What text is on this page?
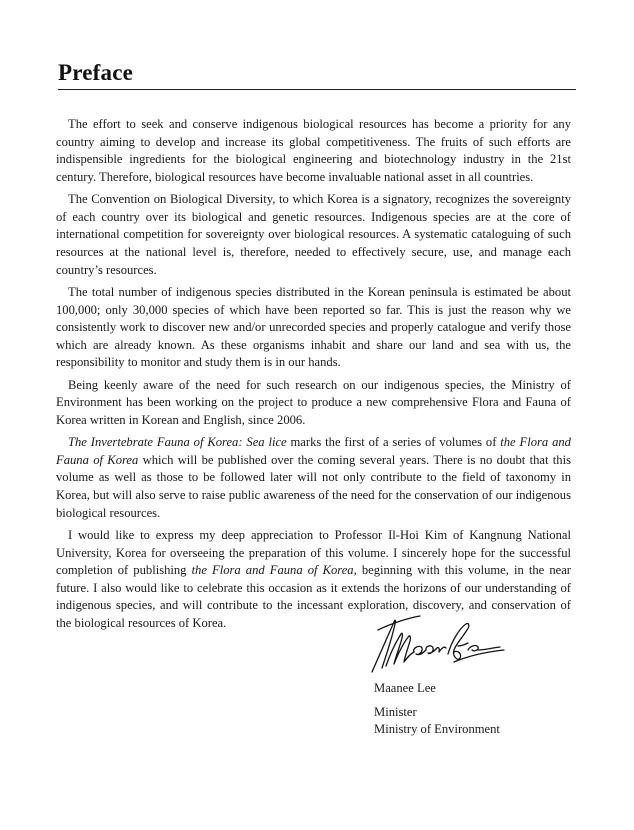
Preface

The effort to seek and conserve indigenous biological resources has become a priority for any country aiming to develop and increase its global competitiveness. The fruits of such efforts are indispensible ingredients for the biological engineering and biotechnology industry in the 21st century. Therefore, biological resources have become invaluable national asset in all countries.

The Convention on Biological Diversity, to which Korea is a signatory, recognizes the sovereignty of each country over its biological and genetic resources. Indigenous species are at the core of international competition for sovereignty over biological resources. A systematic cataloguing of such resources at the national level is, therefore, needed to effectively secure, use, and manage each country’s resources.

The total number of indigenous species distributed in the Korean peninsula is estimated be about 100,000; only 30,000 species of which have been reported so far. This is just the reason why we consistently work to discover new and/or unrecorded species and properly catalogue and verify those which are already known. As these organisms inhabit and share our land and sea with us, the responsibility to monitor and study them is in our hands.

Being keenly aware of the need for such research on our indigenous species, the Ministry of Environment has been working on the project to produce a new comprehensive Flora and Fauna of Korea written in Korean and English, since 2006.

The Invertebrate Fauna of Korea: Sea lice marks the first of a series of volumes of the Flora and Fauna of Korea which will be published over the coming several years. There is no doubt that this volume as well as those to be followed later will not only contribute to the field of taxonomy in Korea, but will also serve to raise public awareness of the need for the conservation of our indigenous biological resources.

I would like to express my deep appreciation to Professor Il-Hoi Kim of Kangnung National University, Korea for overseeing the preparation of this volume. I sincerely hope for the successful completion of publishing the Flora and Fauna of Korea, beginning with this volume, in the near future. I also would like to celebrate this occasion as it extends the horizons of our understanding of indigenous species, and will contribute to the incessant exploration, discovery, and conservation of the biological resources of Korea.

Maanee Lee
Minister
Ministry of Environment
